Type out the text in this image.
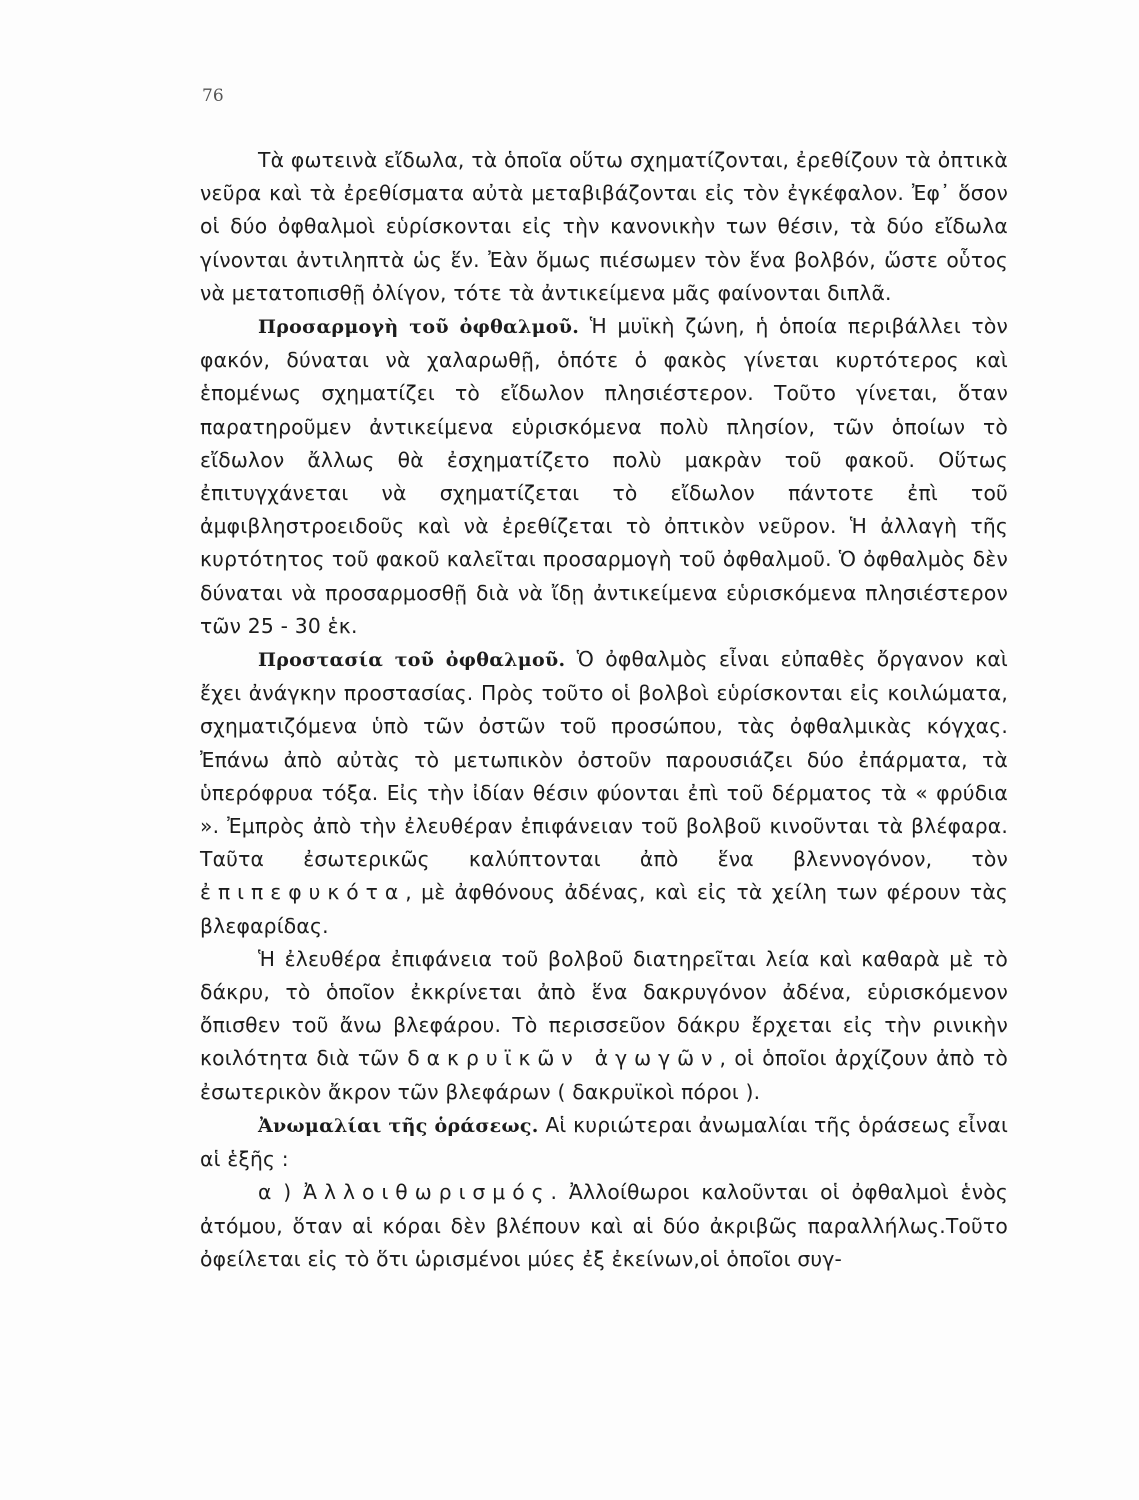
76

Τὰ φωτεινὰ εἴδωλα, τὰ ὁποῖα οὕτω σχηματίζονται, ἐρεθίζουν τὰ ὀπτικὰ νεῦρα καὶ τὰ ἐρεθίσματα αὐτὰ μεταβιβάζονται εἰς τὸν ἐγκέφαλον. Ἐφ᾽ ὅσον οἱ δύο ὀφθαλμοὶ εὑρίσκονται εἰς τὴν κανονικὴν των θέσιν, τὰ δύο εἴδωλα γίνονται ἀντιληπτὰ ὡς ἕν. Ἐὰν ὅμως πιέσωμεν τὸν ἕνα βολβόν, ὥστε οὗτος νὰ μετατοπισθῇ ὀλίγον, τότε τὰ ἀντικείμενα μᾶς φαίνονται διπλᾶ.

Προσαρμογὴ τοῦ ὀφθαλμοῦ. Ἡ μυϊκὴ ζώνη, ἡ ὁποία περιβάλλει τὸν φακόν, δύναται νὰ χαλαρωθῇ, ὁπότε ὁ φακὸς γίνεται κυρτότερος καὶ ἑπομένως σχηματίζει τὸ εἴδωλον πλησιέστερον. Τοῦτο γίνεται, ὅταν παρατηροῦμεν ἀντικείμενα εὑρισκόμενα πολὺ πλησίον, τῶν ὁποίων τὸ εἴδωλον ἄλλως θὰ ἐσχηματίζετο πολὺ μακρὰν τοῦ φακοῦ. Οὕτως ἐπιτυγχάνεται νὰ σχηματίζεται τὸ εἴδωλον πάντοτε ἐπὶ τοῦ ἀμφιβληστροειδοῦς καὶ νὰ ἐρεθίζεται τὸ ὀπτικὸν νεῦρον. Ἡ ἀλλαγὴ τῆς κυρτότητος τοῦ φακοῦ καλεῖται προσαρμογὴ τοῦ ὀφθαλμοῦ. Ὁ ὀφθαλμὸς δὲν δύναται νὰ προσαρμοσθῇ διὰ νὰ ἴδῃ ἀντικείμενα εὑρισκόμενα πλησιέστερον τῶν 25 - 30 ἑκ.

Προστασία τοῦ ὀφθαλμοῦ. Ὁ ὀφθαλμὸς εἶναι εὐπαθὲς ὄργανον καὶ ἔχει ἀνάγκην προστασίας. Πρὸς τοῦτο οἱ βολβοὶ εὑρίσκονται εἰς κοιλώματα, σχηματιζόμενα ὑπὸ τῶν ὀστῶν τοῦ προσώπου, τὰς ὀφθαλμικὰς κόγχας. Ἐπάνω ἀπὸ αὐτὰς τὸ μετωπικὸν ὀστοῦν παρουσιάζει δύο ἐπάρματα, τὰ ὑπερόφρυα τόξα. Εἰς τὴν ἰδίαν θέσιν φύονται ἐπὶ τοῦ δέρματος τὰ « φρύδια ». Ἐμπρὸς ἀπὸ τὴν ἐλευθέραν ἐπιφάνειαν τοῦ βολβοῦ κινοῦνται τὰ βλέφαρα. Ταῦτα ἐσωτερικῶς καλύπτονται ἀπὸ ἕνα βλεννογόνον, τὸν ἐπιπεφυκότα, μὲ ἀφθόνους ἀδένας, καὶ εἰς τὰ χείλη των φέρουν τὰς βλεφαρίδας.

Ἡ ἐλευθέρα ἐπιφάνεια τοῦ βολβοῦ διατηρεῖται λεία καὶ καθαρὰ μὲ τὸ δάκρυ, τὸ ὁποῖον ἐκκρίνεται ἀπὸ ἕνα δακρυγόνον ἀδένα, εὑρισκόμενον ὄπισθεν τοῦ ἄνω βλεφάρου. Τὸ περισσεῦον δάκρυ ἔρχεται εἰς τὴν ρινικὴν κοιλότητα διὰ τῶν δακρυϊκῶν ἀγωγῶν, οἱ ὁποῖοι ἀρχίζουν ἀπὸ τὸ ἐσωτερικὸν ἄκρον τῶν βλεφάρων ( δακρυϊκοὶ πόροι ).

Ἀνωμαλίαι τῆς ὁράσεως. Αἱ κυριώτεραι ἀνωμαλίαι τῆς ὁράσεως εἶναι αἱ ἑξῆς :

α ) Ἀλλοιθωρισμός. Ἀλλοίθωροι καλοῦνται οἱ ὀφθαλμοὶ ἑνὸς ἀτόμου, ὅταν αἱ κόραι δὲν βλέπουν καὶ αἱ δύο ἀκριβῶς παραλλήλως.Τοῦτο ὀφείλεται εἰς τὸ ὅτι ὡρισμένοι μύες ἐξ ἐκείνων,οἱ ὁποῖοι συγ-
